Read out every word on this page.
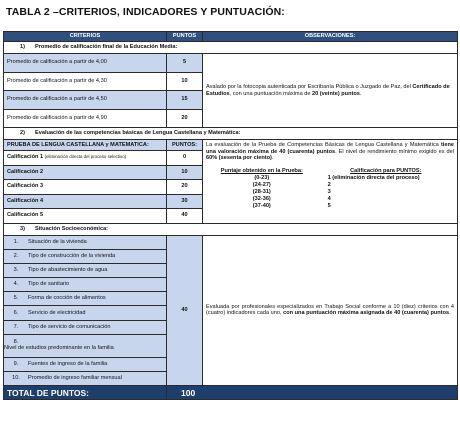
TABLA 2 –CRITERIOS, INDICADORES Y PUNTUACIÓN:
CRITERIOS	PUNTOS	OBSERVACIONES:
1) Promedio de calificación final de la Educación Media:
Promedio de calificación a partir de 4,00	5	Avalado por la fotocopia autenticada por Escribanía Pública o Juzgado de Paz, del Certificado de Estudios, con una puntuación máxima de 20 (veinte) puntos.
Promedio de calificación a partir de 4,30	10
Promedio de calificación a partir de 4,50	15
Promedio de calificación a partir de 4,90	20
2) Evaluación de las competencias básicas de Lengua Castellana y Matemática:
PRUEBA DE LENGUA CASTELLANA y MATEMATICA:	PUNTOS:	La evaluación de la Prueba de Competencias Básicas de Lengua Castellana y Matemática tiene una valoración máxima de 40 (cuarenta) puntos. El nivel de rendimiento mínimo exigido es del 60% (sesenta por ciento).
Puntaje obtenido en la Prueba:	Calificación para PUNTOS:
(0-23)	1 (eliminación directa del proceso)
(24-27)	2
(28-31)	3
(32-36)	4
(37-40)	5

Calificación 1 (eliminación directa del proceso selectivo)	0
Calificación 2	10
Calificación 3	20
Calificación 4	30
Calificación 5	40
3) Situación Socioeconómica:
1. Situación de la vivienda	40	Evaluada por profesionales especializados en Trabajo Social conforme a 10 (diez) criterios con 4 (cuatro) indicadores cada uno, con una puntuación máxima asignada de 40 (cuarenta) puntos.
2. Tipo de construcción de la vivienda
3. Tipo de abastecimiento de agua
4. Tipo de sanitario
5. Forma de cocción de alimentos
6. Servicio de electricidad
7. Tipo de servicio de comunicación
8.Nivel de estudios predominante en la familia
9. Fuentes de ingreso de la familia
10. Promedio de ingreso familiar mensual
TOTAL DE PUNTOS:	100
